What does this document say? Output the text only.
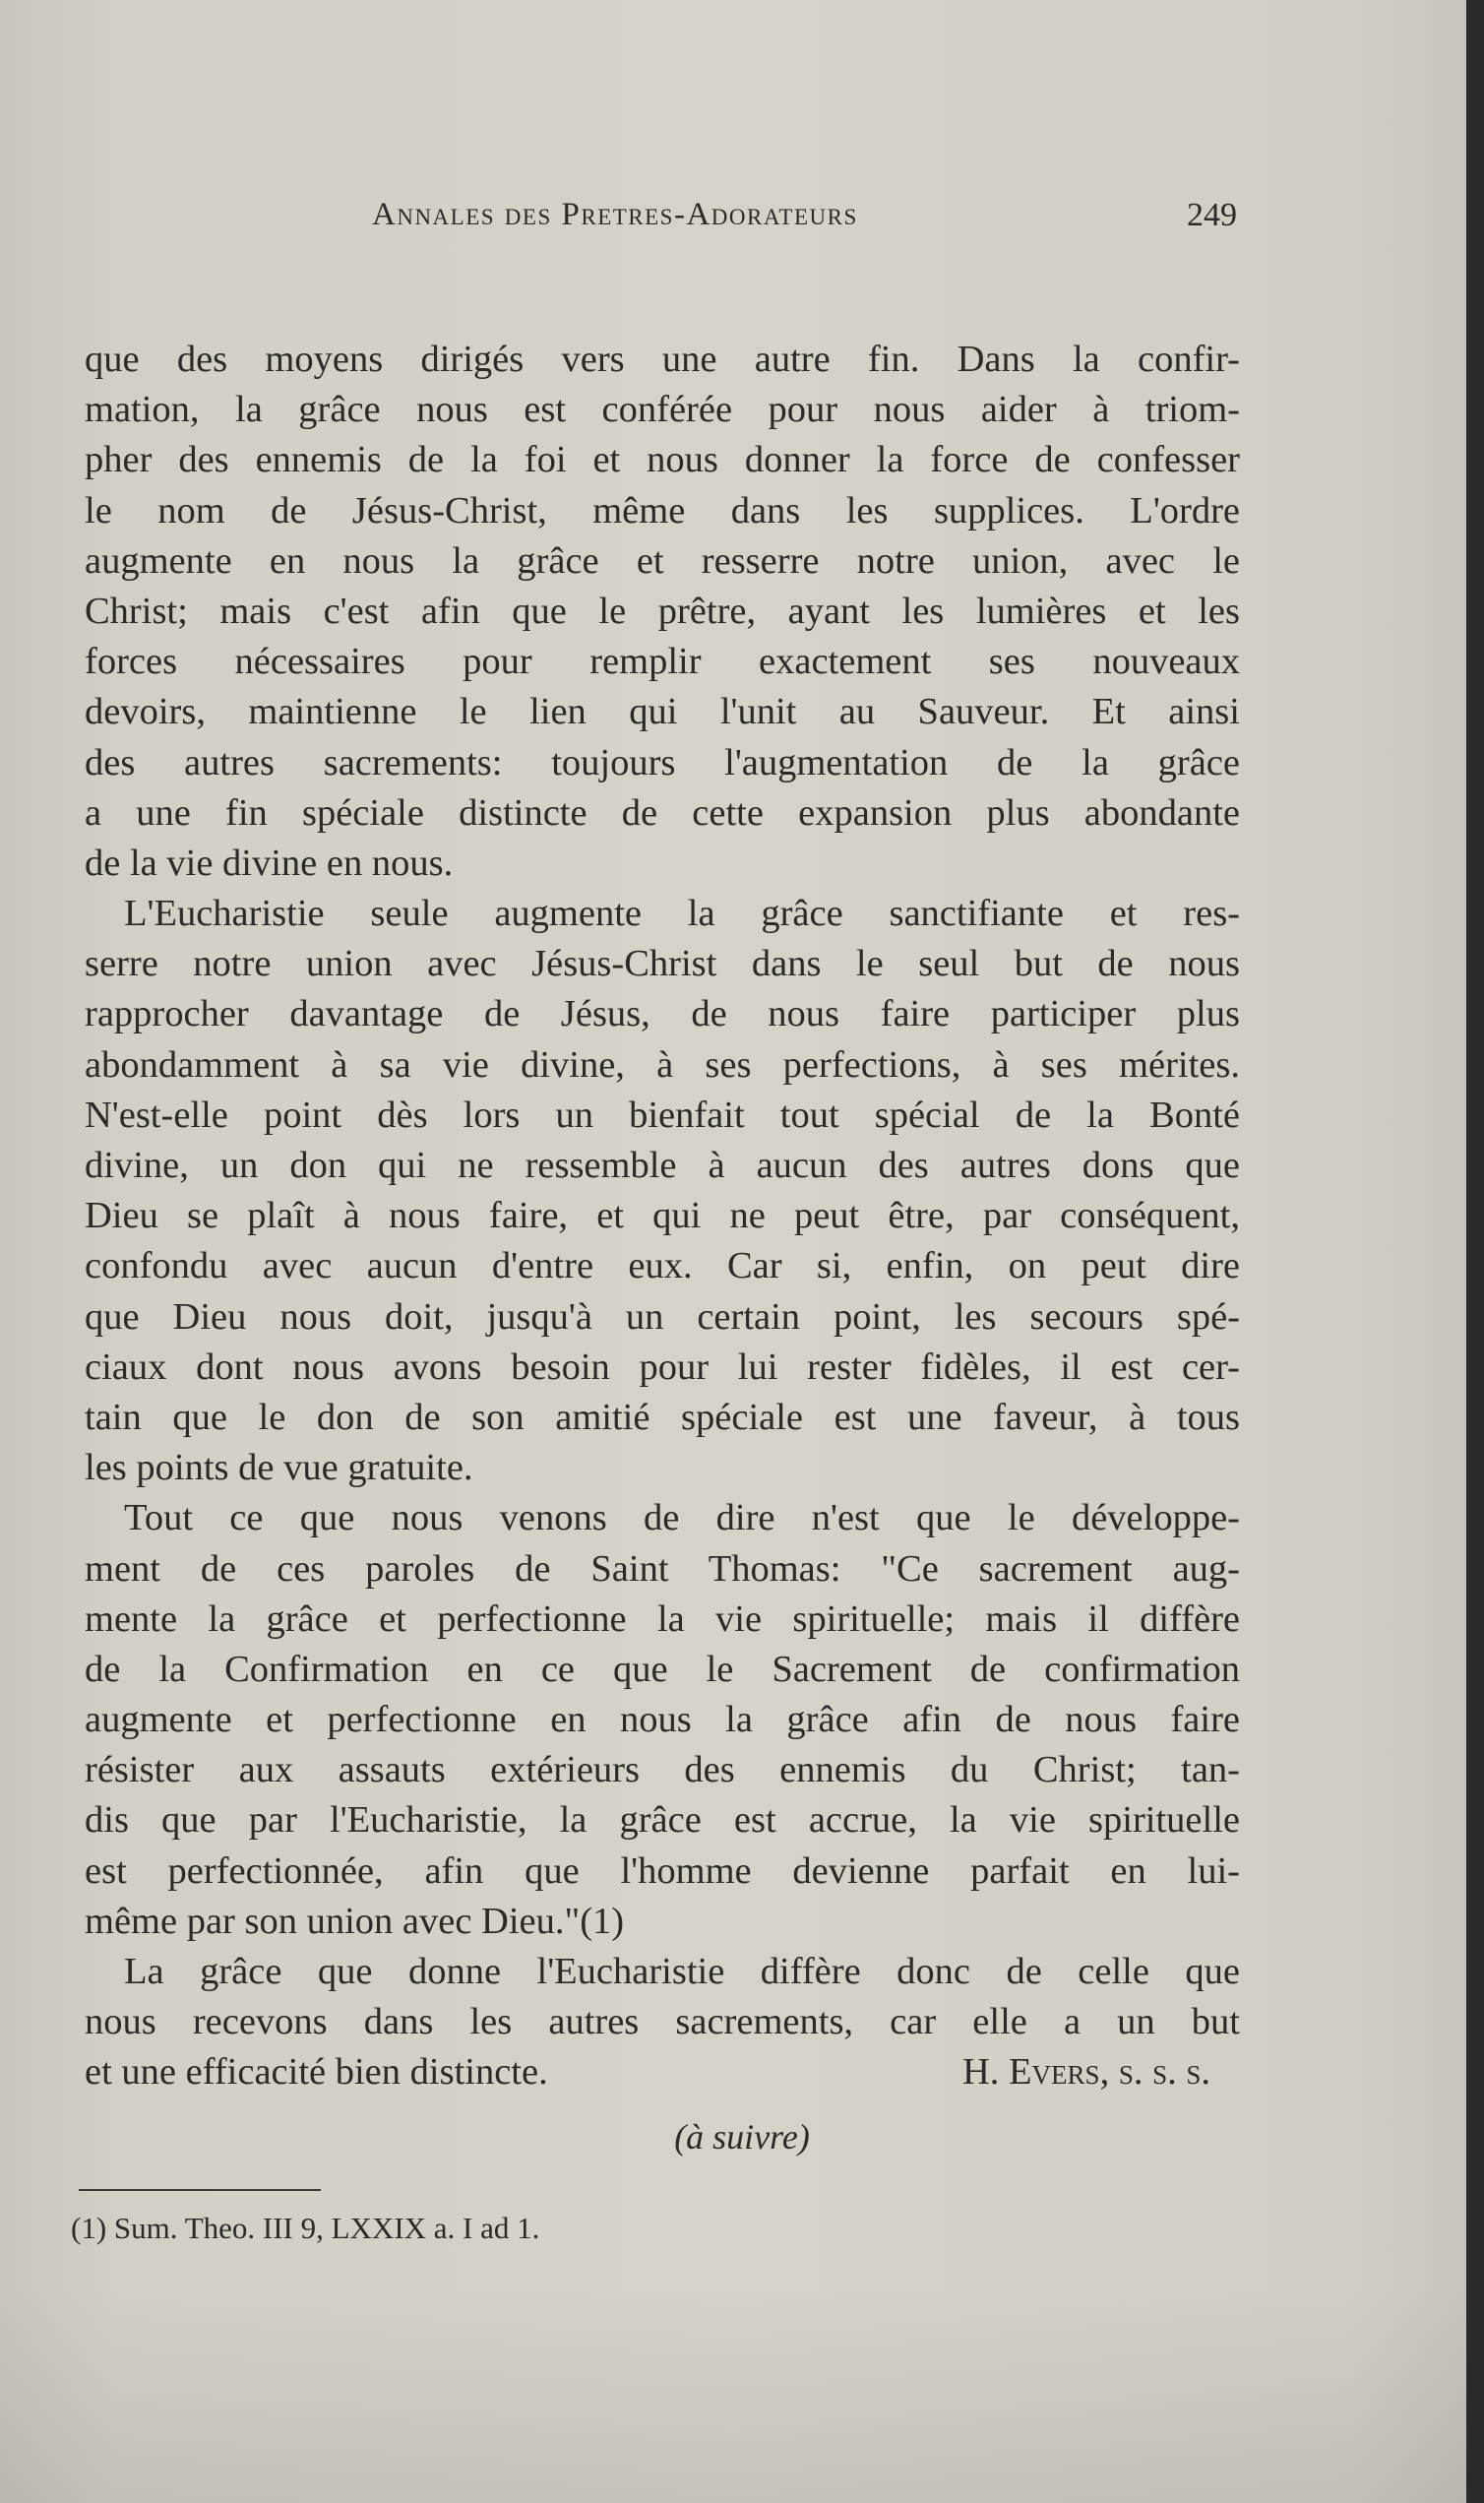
Annales des Pretres-Adorateurs	249
que des moyens dirigés vers une autre fin. Dans la confir-
mation, la grâce nous est conférée pour nous aider à triom-
pher des ennemis de la foi et nous donner la force de confesser
le nom de Jésus-Christ, même dans les supplices. L'ordre
augmente en nous la grâce et resserre notre union, avec le
Christ; mais c'est afin que le prêtre, ayant les lumières et les
forces nécessaires pour remplir exactement ses nouveaux
devoirs, maintienne le lien qui l'unit au Sauveur. Et ainsi
des autres sacrements: toujours l'augmentation de la grâce
a une fin spéciale distincte de cette expansion plus abondante
de la vie divine en nous.
L'Eucharistie seule augmente la grâce sanctifiante et res-
serre notre union avec Jésus-Christ dans le seul but de nous
rapprocher davantage de Jésus, de nous faire participer plus
abondamment à sa vie divine, à ses perfections, à ses mérites.
N'est-elle point dès lors un bienfait tout spécial de la Bonté
divine, un don qui ne ressemble à aucun des autres dons que
Dieu se plaît à nous faire, et qui ne peut être, par conséquent,
confondu avec aucun d'entre eux. Car si, enfin, on peut dire
que Dieu nous doit, jusqu'à un certain point, les secours spé-
ciaux dont nous avons besoin pour lui rester fidèles, il est cer-
tain que le don de son amitié spéciale est une faveur, à tous
les points de vue gratuite.
Tout ce que nous venons de dire n'est que le développe-
ment de ces paroles de Saint Thomas: "Ce sacrement aug-
mente la grâce et perfectionne la vie spirituelle; mais il diffère
de la Confirmation en ce que le Sacrement de confirmation
augmente et perfectionne en nous la grâce afin de nous faire
résister aux assauts extérieurs des ennemis du Christ; tan-
dis que par l'Eucharistie, la grâce est accrue, la vie spirituelle
est perfectionnée, afin que l'homme devienne parfait en lui-
même par son union avec Dieu."(1)
La grâce que donne l'Eucharistie diffère donc de celle que
nous recevons dans les autres sacrements, car elle a un but
et une efficacité bien distincte.	H. Evers, s. s. s.
(à suivre)
(1) Sum. Theo. III 9, LXXIX a. I ad 1.
